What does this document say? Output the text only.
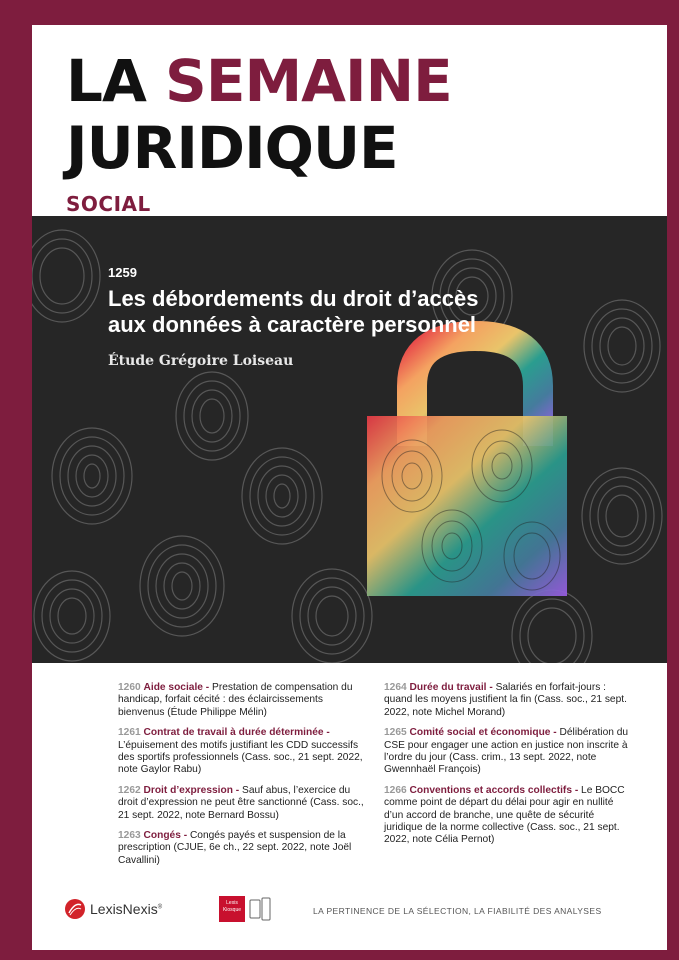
LA SEMAINE
JURIDIQUE
SOCIAL
1259
Les débordements du droit d’accès
aux données à caractère personnel
Étude Grégoire Loiseau
1260 Aide sociale - Prestation de compensation du handicap, forfait cécité : des éclaircissements bienvenus (Étude Philippe Mélin)
1261 Contrat de travail à durée déterminée - L’épuisement des motifs justifiant les CDD successifs des sportifs professionnels (Cass. soc., 21 sept. 2022, note Gaylor Rabu)
1262 Droit d’expression - Sauf abus, l’exercice du droit d’expression ne peut être sanctionné (Cass. soc., 21 sept. 2022, note Bernard Bossu)
1263 Congés - Congés payés et suspension de la prescription (CJUE, 6e ch., 22 sept. 2022, note Joël Cavallini)
1264 Durée du travail - Salariés en forfait-jours : quand les moyens justifient la fin (Cass. soc., 21 sept. 2022, note Michel Morand)
1265 Comité social et économique - Délibération du CSE pour engager une action en justice non inscrite à l’ordre du jour (Cass. crim., 13 sept. 2022, note Gwennhaël François)
1266 Conventions et accords collectifs - Le BOCC comme point de départ du délai pour agir en nullité d’un accord de branche, une quête de sécurité juridique de la norme collective (Cass. soc., 21 sept. 2022, note Célia Pernot)
LexisNexis®
Lexis
Kiosque	LA PERTINENCE DE LA SÉLECTION, LA FIABILITÉ DES ANALYSES
